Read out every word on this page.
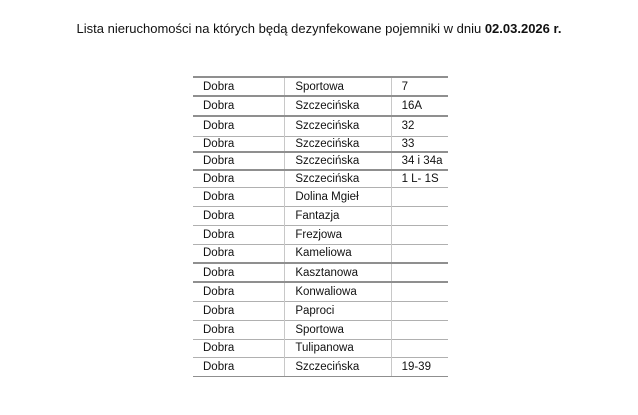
Lista nieruchomości na których będą dezynfekowane pojemniki w dniu 02.03.2026 r.
Dobra	Sportowa	7
Dobra	Szczecińska	16A
Dobra	Szczecińska	32
Dobra	Szczecińska	33
Dobra	Szczecińska	34 i 34a
Dobra	Szczecińska	1 L- 1S
Dobra	Dolina Mgieł	
Dobra	Fantazja	
Dobra	Frezjowa	
Dobra	Kameliowa	
Dobra	Kasztanowa	
Dobra	Konwaliowa	
Dobra	Paproci	
Dobra	Sportowa	
Dobra	Tulipanowa	
Dobra	Szczecińska	19-39
